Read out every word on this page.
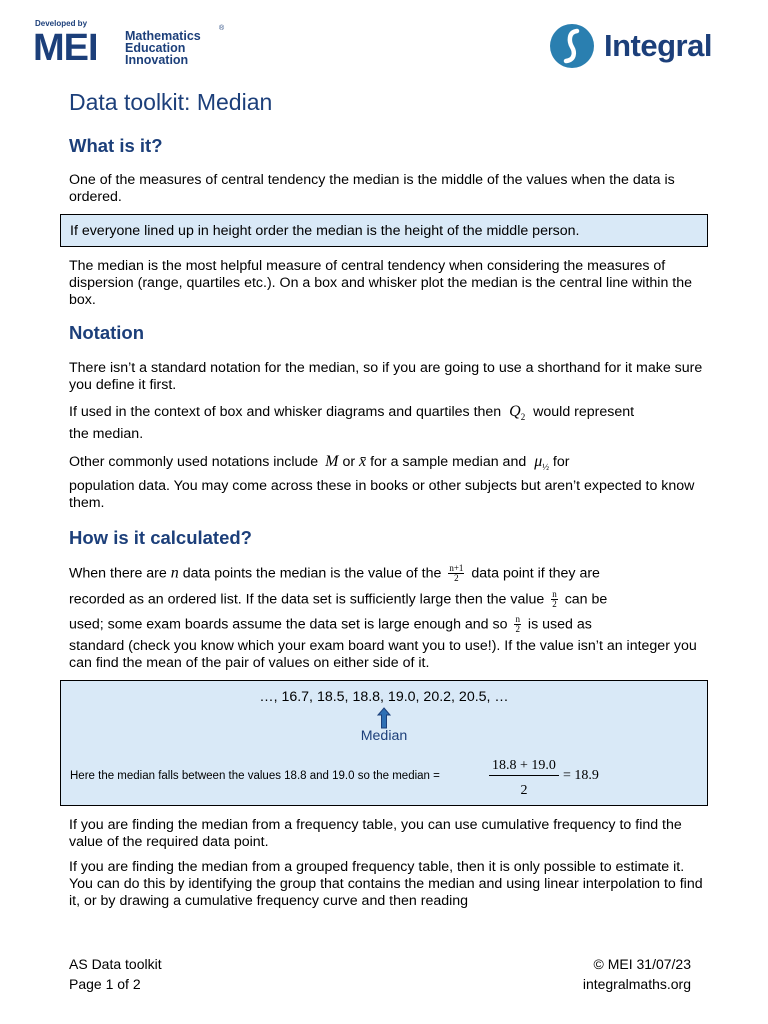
Developed by
MEI Mathematics
Education
Innovation
®	Integral
Data toolkit: Median
What is it?
One of the measures of central tendency the median is the middle of the values when the data is ordered.
If everyone lined up in height order the median is the height of the middle person.
The median is the most helpful measure of central tendency when considering the measures of dispersion (range, quartiles etc.). On a box and whisker plot the median is the central line within the box.
Notation
There isn’t a standard notation for the median, so if you are going to use a shorthand for it make sure you define it first.
If used in the context of box and whisker diagrams and quartiles then $Q_2$ would represent
the median.
Other commonly used notations include M or x̄ for a sample median and $\mu_{\frac{1}{2}}$ for
population data. You may come across these in books or other subjects but aren’t expected to know them.
How is it calculated?
When there are n data points the median is the value of the $\frac{n+1}{2}$ data point if they are
recorded as an ordered list. If the data set is sufficiently large then the value $\frac{n}{2}$ can be
used; some exam boards assume the data set is large enough and so $\frac{n}{2}$ is used as
standard (check you know which your exam board want you to use!). If the value isn’t an integer you can find the mean of the pair of values on either side of it.
…, 16.7, 18.5, 18.8, 19.0, 20.2, 20.5, …
Median
Here the median falls between the values 18.8 and 19.0 so the median =	$\frac{18.8 + 19.0}{2} = 18.9$
If you are finding the median from a frequency table, you can use cumulative frequency to find the value of the required data point.
If you are finding the median from a grouped frequency table, then it is only possible to estimate it. You can do this by identifying the group that contains the median and using linear interpolation to find it, or by drawing a cumulative frequency curve and then reading
AS Data toolkit
Page 1 of 2
© MEI 31/07/23
integralmaths.org
